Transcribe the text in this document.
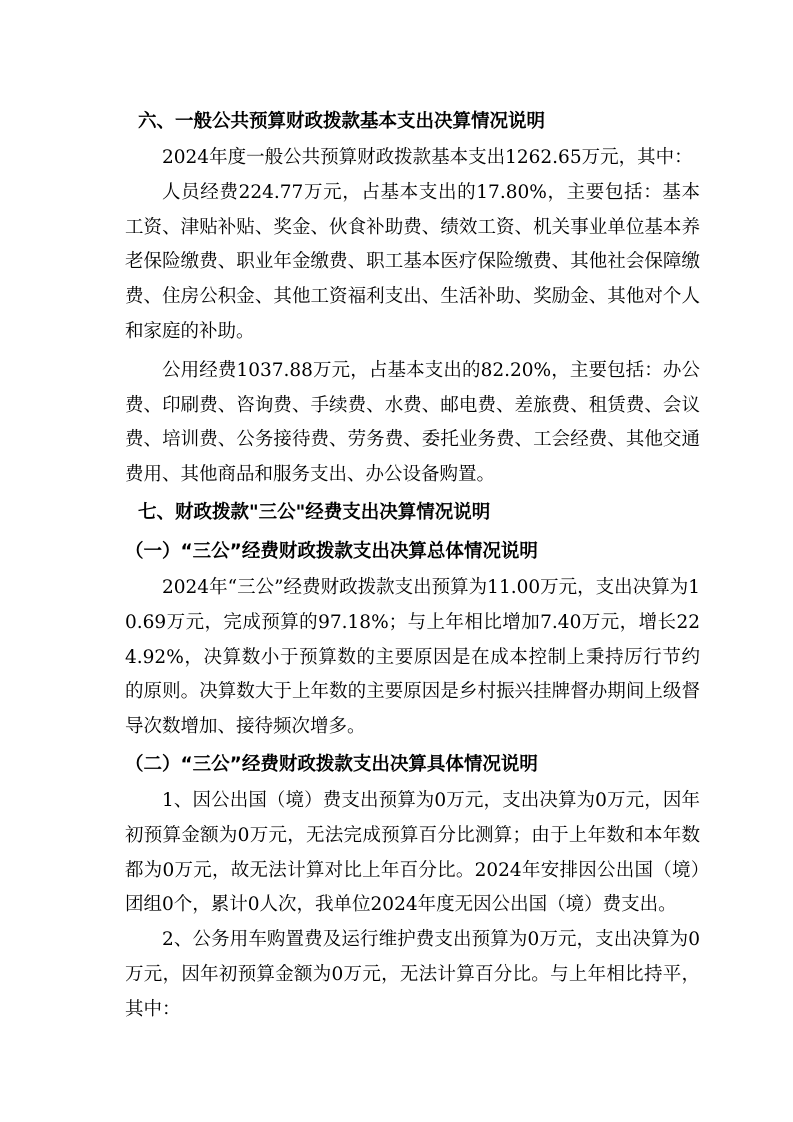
六、一般公共预算财政拨款基本支出决算情况说明

2024年度一般公共预算财政拨款基本支出1262.65万元，其中：

人员经费224.77万元，占基本支出的17.80%，主要包括：基本工资、津贴补贴、奖金、伙食补助费、绩效工资、机关事业单位基本养老保险缴费、职业年金缴费、职工基本医疗保险缴费、其他社会保障缴费、住房公积金、其他工资福利支出、生活补助、奖励金、其他对个人和家庭的补助。

公用经费1037.88万元，占基本支出的82.20%，主要包括：办公费、印刷费、咨询费、手续费、水费、邮电费、差旅费、租赁费、会议费、培训费、公务接待费、劳务费、委托业务费、工会经费、其他交通费用、其他商品和服务支出、办公设备购置。

七、财政拨款"三公"经费支出决算情况说明
（一）“三公”经费财政拨款支出决算总体情况说明

2024年“三公”经费财政拨款支出预算为11.00万元，支出决算为10.69万元，完成预算的97.18%；与上年相比增加7.40万元，增长224.92%，决算数小于预算数的主要原因是在成本控制上秉持厉行节约的原则。决算数大于上年数的主要原因是乡村振兴挂牌督办期间上级督导次数增加、接待频次增多。

（二）“三公”经费财政拨款支出决算具体情况说明

1、因公出国（境）费支出预算为0万元，支出决算为0万元，因年初预算金额为0万元，无法完成预算百分比测算；由于上年数和本年数都为0万元，故无法计算对比上年百分比。2024年安排因公出国（境）团组0个，累计0人次，我单位2024年度无因公出国（境）费支出。

2、公务用车购置费及运行维护费支出预算为0万元，支出决算为0万元，因年初预算金额为0万元，无法计算百分比。与上年相比持平，其中：
